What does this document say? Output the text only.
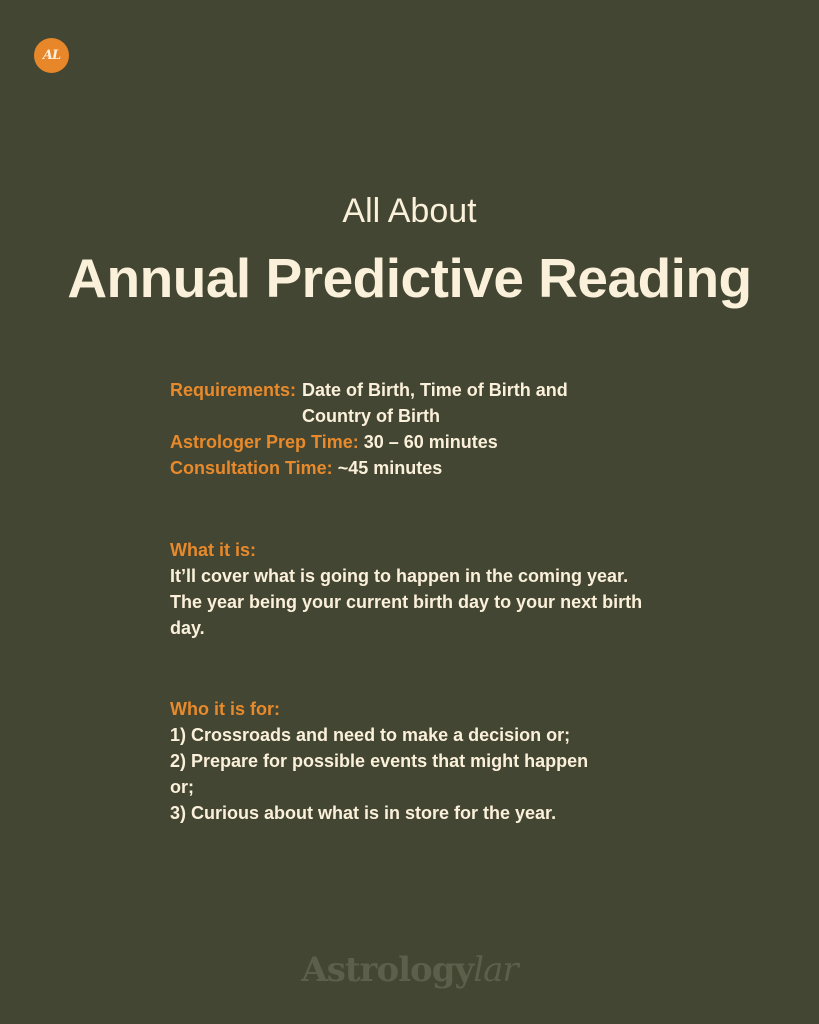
AL
All About
Annual Predictive Reading
Requirements: Date of Birth, Time of Birth and Country of Birth
Astrologer Prep Time: 30 – 60 minutes
Consultation Time: ~45 minutes
What it is:
It’ll cover what is going to happen in the coming year. The year being your current birth day to your next birth day.
Who it is for:
1) Crossroads and need to make a decision or;
2) Prepare for possible events that might happen or;
3) Curious about what is in store for the year.
Astrologylar
